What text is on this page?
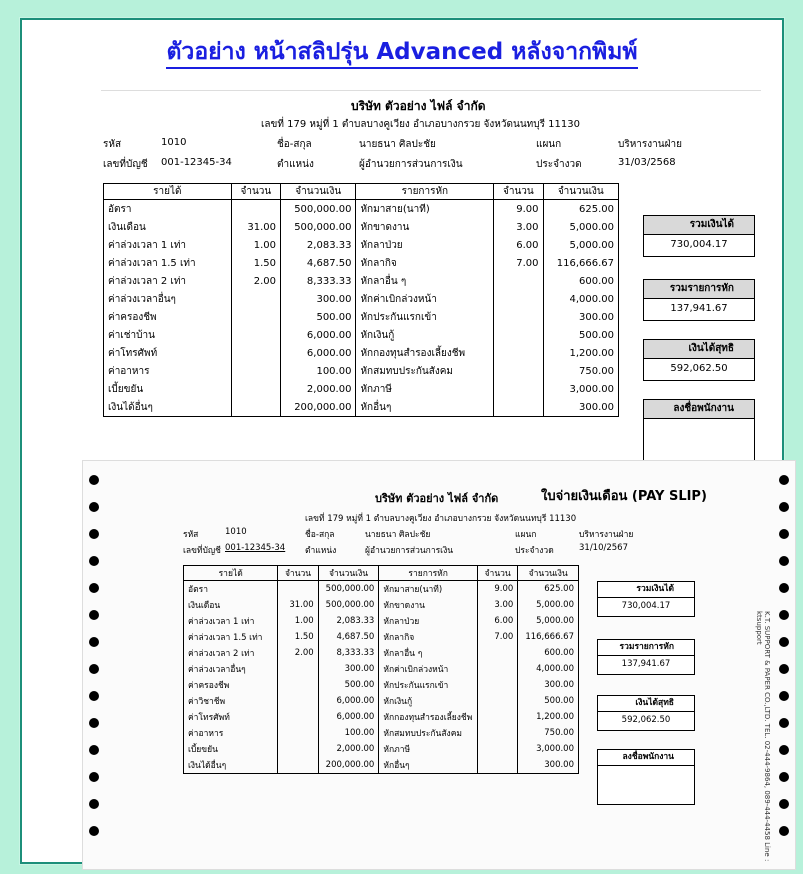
ตัวอย่าง หน้าสลิปรุ่น Advanced หลังจากพิมพ์
บริษัท ตัวอย่าง ไฟล์ จำกัด
เลขที่ 179 หมู่ที่ 1 ตำบลบางคูเวียง อำเภอบางกรวย จังหวัดนนทบุรี 11130
รหัส	1010	ชื่อ-สกุล	นายธนา ศิลปะชัย	แผนก	บริหารงานฝ่าย
เลขที่บัญชี 001-12345-34	ตำแหน่ง	ผู้อำนวยการส่วนการเงิน	ประจำงวด	31/03/2568
รายได้	จำนวน	จำนวนเงิน	รายการหัก	จำนวน	จำนวนเงิน
อัตรา		500,000.00	หักมาสาย(นาที)	9.00	625.00
เงินเดือน	31.00	500,000.00	หักขาดงาน	3.00	5,000.00
ค่าล่วงเวลา 1 เท่า	1.00	2,083.33	หักลาป่วย	6.00	5,000.00
ค่าล่วงเวลา 1.5 เท่า	1.50	4,687.50	หักลากิจ	7.00	116,666.67
ค่าล่วงเวลา 2 เท่า	2.00	8,333.33	หักลาอื่น ๆ		600.00
ค่าล่วงเวลาอื่นๆ		300.00	หักค่าเบิกล่วงหน้า		4,000.00
ค่าครองชีพ		500.00	หักประกันแรกเข้า		300.00
ค่าเช่าบ้าน		6,000.00	หักเงินกู้		500.00
ค่าโทรศัพท์		6,000.00	หักกองทุนสำรองเลี้ยงชีพ		1,200.00
ค่าอาหาร		100.00	หักสมทบประกันสังคม		750.00
เบี้ยขยัน		2,000.00	หักภาษี		3,000.00
เงินได้อื่นๆ		200,000.00	หักอื่นๆ		300.00
รวมเงินได้
730,004.17
รวมรายการหัก
137,941.67
เงินได้สุทธิ
592,062.50
ลงชื่อพนักงาน
K.T. SUPPORT & PAPER CO.,LTD. TEL. 02-444-9864, 089-444-4458 Line : ktsupport
บริษัท ตัวอย่าง ไฟล์ จำกัด	ใบจ่ายเงินเดือน (PAY SLIP)
เลขที่ 179 หมู่ที่ 1 ตำบลบางคูเวียง อำเภอบางกรวย จังหวัดนนทบุรี 11130
รหัส	1010	ชื่อ-สกุล	นายธนา ศิลปะชัย	แผนก	บริหารงานฝ่าย
เลขที่บัญชี 001-12345-34 ตำแหน่ง	ผู้อำนวยการส่วนการเงิน	ประจำงวด	31/10/2567
รายได้	จำนวน	จำนวนเงิน	รายการหัก	จำนวน	จำนวนเงิน
อัตรา		500,000.00	หักมาสาย(นาที)	9.00	625.00
เงินเดือน	31.00	500,000.00	หักขาดงาน	3.00	5,000.00
ค่าล่วงเวลา 1 เท่า	1.00	2,083.33	หักลาป่วย	6.00	5,000.00
ค่าล่วงเวลา 1.5 เท่า	1.50	4,687.50	หักลากิจ	7.00	116,666.67
ค่าล่วงเวลา 2 เท่า	2.00	8,333.33	หักลาอื่น ๆ		600.00
ค่าล่วงเวลาอื่นๆ		300.00	หักค่าเบิกล่วงหน้า		4,000.00
ค่าครองชีพ		500.00	หักประกันแรกเข้า		300.00
ค่าวิชาชีพ		6,000.00	หักเงินกู้		500.00
ค่าโทรศัพท์		6,000.00	หักกองทุนสำรองเลี้ยงชีพ		1,200.00
ค่าอาหาร		100.00	หักสมทบประกันสังคม		750.00
เบี้ยขยัน		2,000.00	หักภาษี		3,000.00
เงินได้อื่นๆ		200,000.00	หักอื่นๆ		300.00
รวมเงินได้
730,004.17
รวมรายการหัก
137,941.67
เงินได้สุทธิ
592,062.50
ลงชื่อพนักงาน
